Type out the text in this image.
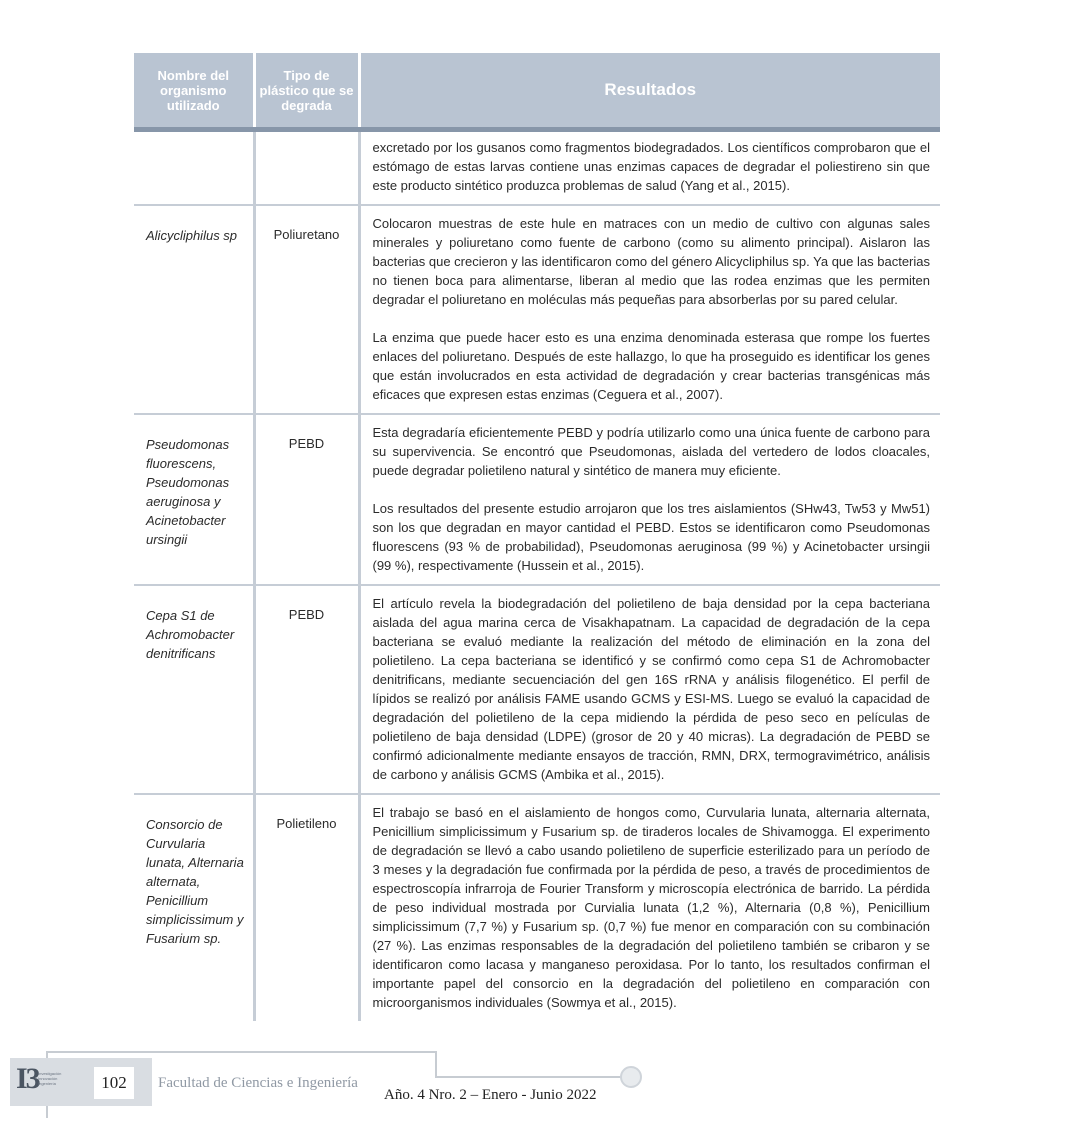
Nombre del organismo utilizado	Tipo de plástico que se degrada	Resultados

		excretado por los gusanos como fragmentos biodegradados. Los científicos comprobaron que el estómago de estas larvas contiene unas enzimas capaces de degradar el poliestireno sin que este producto sintético produzca problemas de salud (Yang et al., 2015).

Alicycliphilus sp	Poliuretano	Colocaron muestras de este hule en matraces con un medio de cultivo con algunas sales minerales y poliuretano como fuente de carbono (como su alimento principal). Aislaron las bacterias que crecieron y las identificaron como del género Alicycliphilus sp. Ya que las bacterias no tienen boca para alimentarse, liberan al medio que las rodea enzimas que les permiten degradar el poliuretano en moléculas más pequeñas para absorberlas por su pared celular.

La enzima que puede hacer esto es una enzima denominada esterasa que rompe los fuertes enlaces del poliuretano. Después de este hallazgo, lo que ha proseguido es identificar los genes que están involucrados en esta actividad de degradación y crear bacterias transgénicas más eficaces que expresen estas enzimas (Ceguera et al., 2007).

Pseudomonas fluorescens, Pseudomonas aeruginosa y Acinetobacter ursingii	PEBD	Esta degradaría eficientemente PEBD y podría utilizarlo como una única fuente de carbono para su supervivencia. Se encontró que Pseudomonas, aislada del vertedero de lodos cloacales, puede degradar polietileno natural y sintético de manera muy eficiente.

Los resultados del presente estudio arrojaron que los tres aislamientos (SHw43, Tw53 y Mw51) son los que degradan en mayor cantidad el PEBD. Estos se identificaron como Pseudomonas fluorescens (93 % de probabilidad), Pseudomonas aeruginosa (99 %) y Acinetobacter ursingii (99 %), respectivamente (Hussein et al., 2015).

Cepa S1 de Achromobacter denitrificans	PEBD	El artículo revela la biodegradación del polietileno de baja densidad por la cepa bacteriana aislada del agua marina cerca de Visakhapatnam. La capacidad de degradación de la cepa bacteriana se evaluó mediante la realización del método de eliminación en la zona del polietileno. La cepa bacteriana se identificó y se confirmó como cepa S1 de Achromobacter denitrificans, mediante secuenciación del gen 16S rRNA y análisis filogenético. El perfil de lípidos se realizó por análisis FAME usando GCMS y ESI-MS. Luego se evaluó la capacidad de degradación del polietileno de la cepa midiendo la pérdida de peso seco en películas de polietileno de baja densidad (LDPE) (grosor de 20 y 40 micras). La degradación de PEBD se confirmó adicionalmente mediante ensayos de tracción, RMN, DRX, termogravimétrico, análisis de carbono y análisis GCMS (Ambika et al., 2015).

Consorcio de Curvularia lunata, Alternaria alternata, Penicillium simplicissimum y Fusarium sp.	Polietileno	El trabajo se basó en el aislamiento de hongos como, Curvularia lunata, alternaria alternata, Penicillium simplicissimum y Fusarium sp. de tiraderos locales de Shivamogga. El experimento de degradación se llevó a cabo usando polietileno de superficie esterilizado para un período de 3 meses y la degradación fue confirmada por la pérdida de peso, a través de procedimientos de espectroscopía infrarroja de Fourier Transform y microscopía electrónica de barrido. La pérdida de peso individual mostrada por Curvialia lunata (1,2 %), Alternaria (0,8 %), Penicillium simplicissimum (7,7 %) y Fusarium sp. (0,7 %) fue menor en comparación con su combinación (27 %). Las enzimas responsables de la degradación del polietileno también se cribaron y se identificaron como lacasa y manganeso peroxidasa. Por lo tanto, los resultados confirman el importante papel del consorcio en la degradación del polietileno en comparación con microorganismos individuales (Sowmya et al., 2015).

I3 Investigación Innovación Ingeniería	102	Facultad de Ciencias e Ingeniería
Año. 4 Nro. 2 – Enero - Junio 2022
